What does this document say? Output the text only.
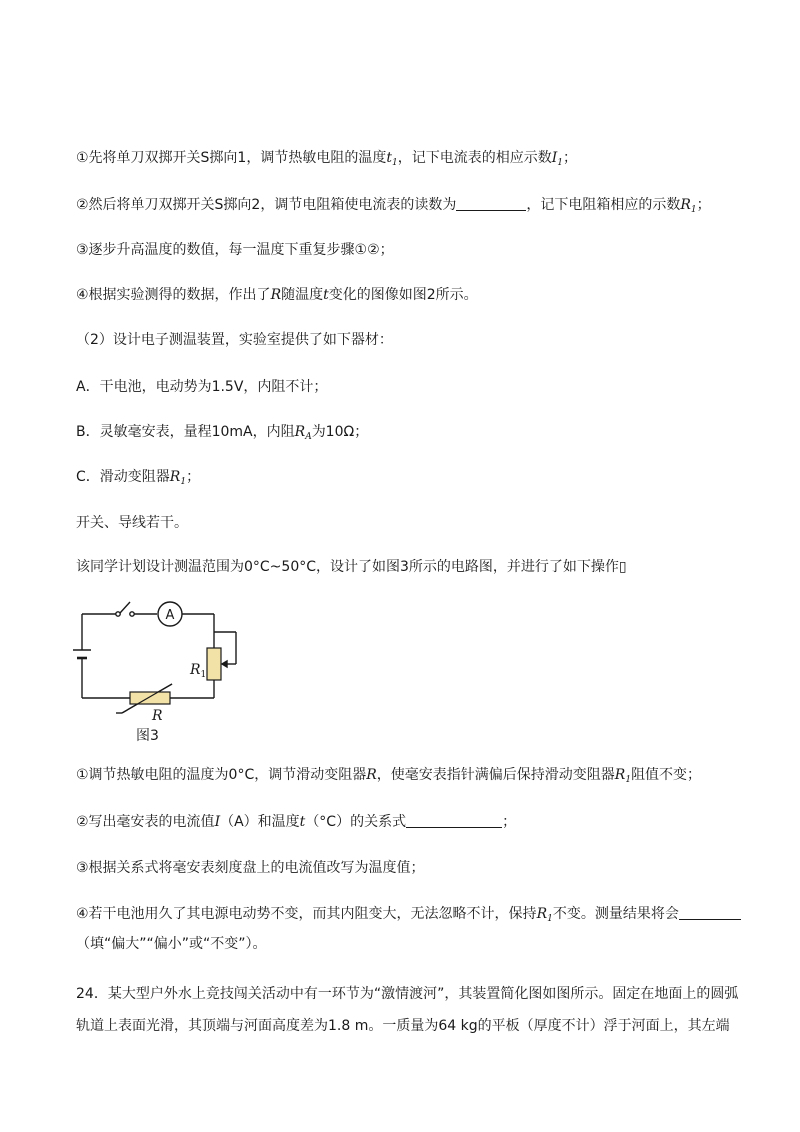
①先将单刀双掷开关S掷向1，调节热敏电阻的温度$t_1$，记下电流表的相应示数$I_1$；
②然后将单刀双掷开关S掷向2，调节电阻箱使电流表的读数为	，记下电阻箱相应的示数$R_1$；
③逐步升高温度的数值，每一温度下重复步骤①②；
④根据实验测得的数据，作出了R随温度t变化的图像如图2所示。
（2）设计电子测温装置，实验室提供了如下器材：
A．干电池，电动势为1.5V，内阻不计；
B．灵敏毫安表，量程10mA，内阻$R_A$为10Ω；
C．滑动变阻器$R_1$；
开关、导线若干。
该同学计划设计测温范围为0°C~50°C，设计了如图3所示的电路图，并进行了如下操作▯
A
$R_1$
R
图3
①调节热敏电阻的温度为0°C，调节滑动变阻器R，使毫安表指针满偏后保持滑动变阻器$R_1$阻值不变；
②写出毫安表的电流值I（A）和温度t（°C）的关系式	；
③根据关系式将毫安表刻度盘上的电流值改写为温度值；
④若干电池用久了其电源电动势不变，而其内阻变大，无法忽略不计，保持$R_1$不变。测量结果将会
（填“偏大”“偏小”或“不变”）。
24．某大型户外水上竞技闯关活动中有一环节为“激情渡河”，其装置简化图如图所示。固定在地面上的圆弧
轨道上表面光滑，其顶端与河面高度差为1.8 m。一质量为64 kg的平板（厚度不计）浮于河面上，其左端
